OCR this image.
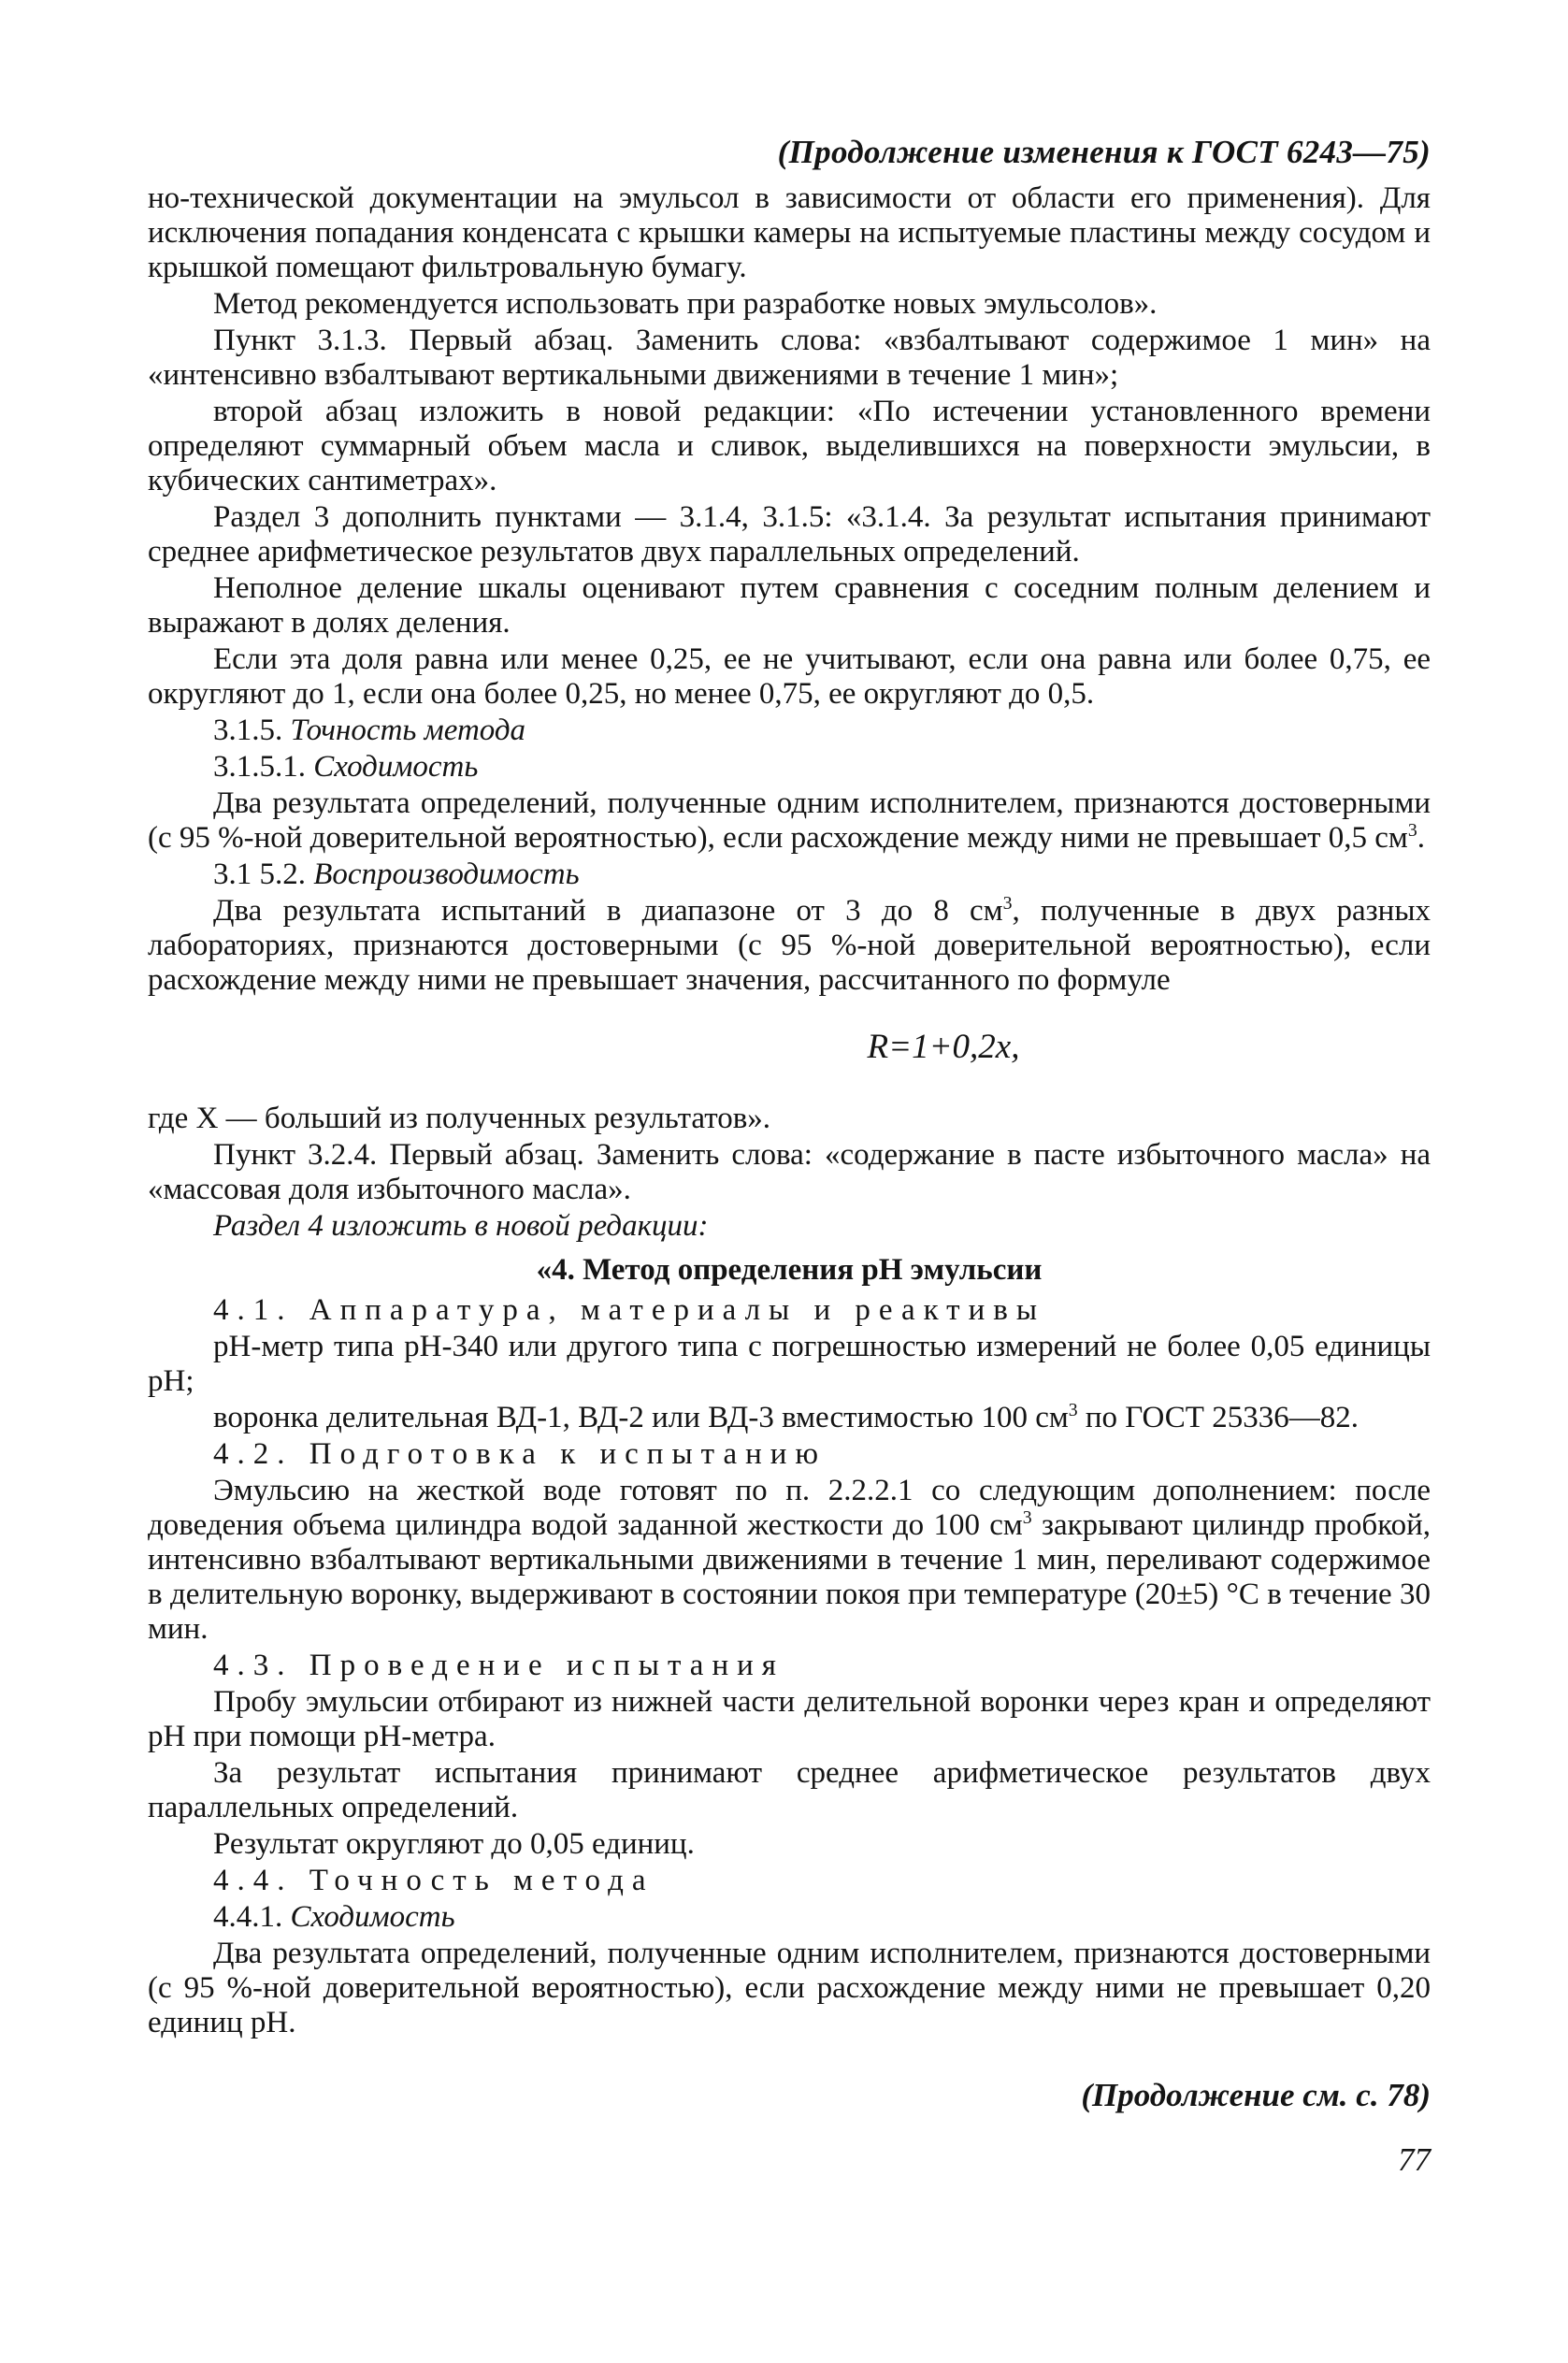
(Продолжение изменения к ГОСТ 6243—75)

но-технической документации на эмульсол в зависимости от области его применения). Для исключения попадания конденсата с крышки камеры на испытуемые пластины между сосудом и крышкой помещают фильтровальную бумагу.

Метод рекомендуется использовать при разработке новых эмульсолов».

Пункт 3.1.3. Первый абзац. Заменить слова: «взбалтывают содержимое 1 мин» на «интенсивно взбалтывают вертикальными движениями в течение 1 мин»;

второй абзац изложить в новой редакции: «По истечении установленного времени определяют суммарный объем масла и сливок, выделившихся на поверхности эмульсии, в кубических сантиметрах».

Раздел 3 дополнить пунктами — 3.1.4, 3.1.5: «3.1.4. За результат испытания принимают среднее арифметическое результатов двух параллельных определений.

Неполное деление шкалы оценивают путем сравнения с соседним полным делением и выражают в долях деления.

Если эта доля равна или менее 0,25, ее не учитывают, если она равна или более 0,75, ее округляют до 1, если она более 0,25, но менее 0,75, ее округляют до 0,5.

3.1.5. Точность метода

3.1.5.1. Сходимость

Два результата определений, полученные одним исполнителем, признаются достоверными (с 95 %-ной доверительной вероятностью), если расхождение между ними не превышает 0,5 $см^3$.

3.1 5.2. Воспроизводимость

Два результата испытаний в диапазоне от 3 до 8 $см^3$, полученные в двух разных лабораториях, признаются достоверными (с 95 %-ной доверительной вероятностью), если расхождение между ними не превышает значения, рассчитанного по формуле

R=1+0,2x,

где X — больший из полученных результатов».

Пункт 3.2.4. Первый абзац. Заменить слова: «содержание в пасте избыточного масла» на «массовая доля избыточного масла».

Раздел 4 изложить в новой редакции:

«4. Метод определения рН эмульсии

4.1. Аппаратура, материалы и реактивы

рН-метр типа рН-340 или другого типа с погрешностью измерений не более 0,05 единицы рН;

воронка делительная ВД-1, ВД-2 или ВД-3 вместимостью 100 $см^3$ по ГОСТ 25336—82.

4.2. Подготовка к испытанию

Эмульсию на жесткой воде готовят по п. 2.2.2.1 со следующим дополнением: после доведения объема цилиндра водой заданной жесткости до 100 $см^3$ закрывают цилиндр пробкой, интенсивно взбалтывают вертикальными движениями в течение 1 мин, переливают содержимое в делительную воронку, выдерживают в состоянии покоя при температуре (20±5) °С в течение 30 мин.

4.3. Проведение испытания

Пробу эмульсии отбирают из нижней части делительной воронки через кран и определяют рН при помощи рН-метра.

За результат испытания принимают среднее арифметическое результатов двух параллельных определений.

Результат округляют до 0,05 единиц.

4.4. Точность метода

4.4.1. Сходимость

Два результата определений, полученные одним исполнителем, признаются достоверными (с 95 %-ной доверительной вероятностью), если расхождение между ними не превышает 0,20 единиц рН.

(Продолжение см. с. 78)
77
